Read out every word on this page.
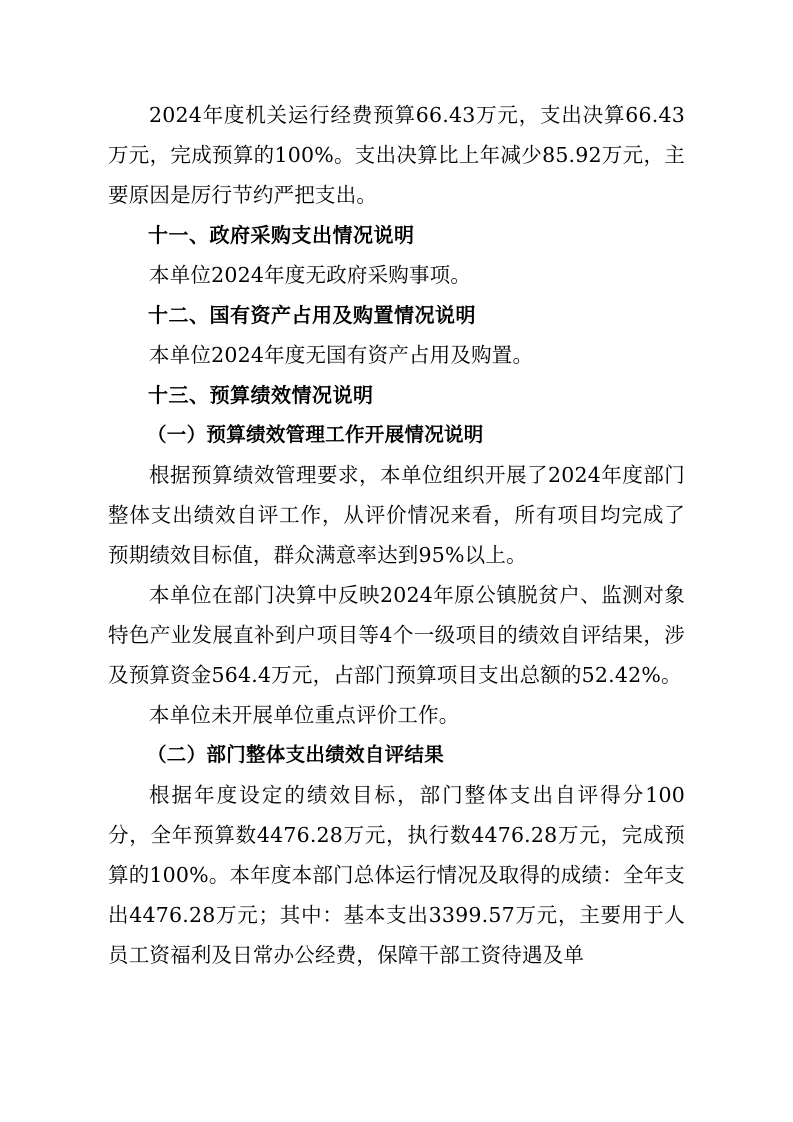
2024年度机关运行经费预算66.43万元，支出决算66.43万元，完成预算的100%。支出决算比上年减少85.92万元，主要原因是厉行节约严把支出。

十一、政府采购支出情况说明

本单位2024年度无政府采购事项。

十二、国有资产占用及购置情况说明

本单位2024年度无国有资产占用及购置。

十三、预算绩效情况说明

（一）预算绩效管理工作开展情况说明

根据预算绩效管理要求，本单位组织开展了2024年度部门整体支出绩效自评工作，从评价情况来看，所有项目均完成了预期绩效目标值，群众满意率达到95%以上。

本单位在部门决算中反映2024年原公镇脱贫户、监测对象特色产业发展直补到户项目等4个一级项目的绩效自评结果，涉及预算资金564.4万元，占部门预算项目支出总额的52.42%。

本单位未开展单位重点评价工作。

（二）部门整体支出绩效自评结果

根据年度设定的绩效目标，部门整体支出自评得分100分，全年预算数4476.28万元，执行数4476.28万元，完成预算的100%。本年度本部门总体运行情况及取得的成绩：全年支出4476.28万元；其中：基本支出3399.57万元，主要用于人员工资福利及日常办公经费，保障干部工资待遇及单
